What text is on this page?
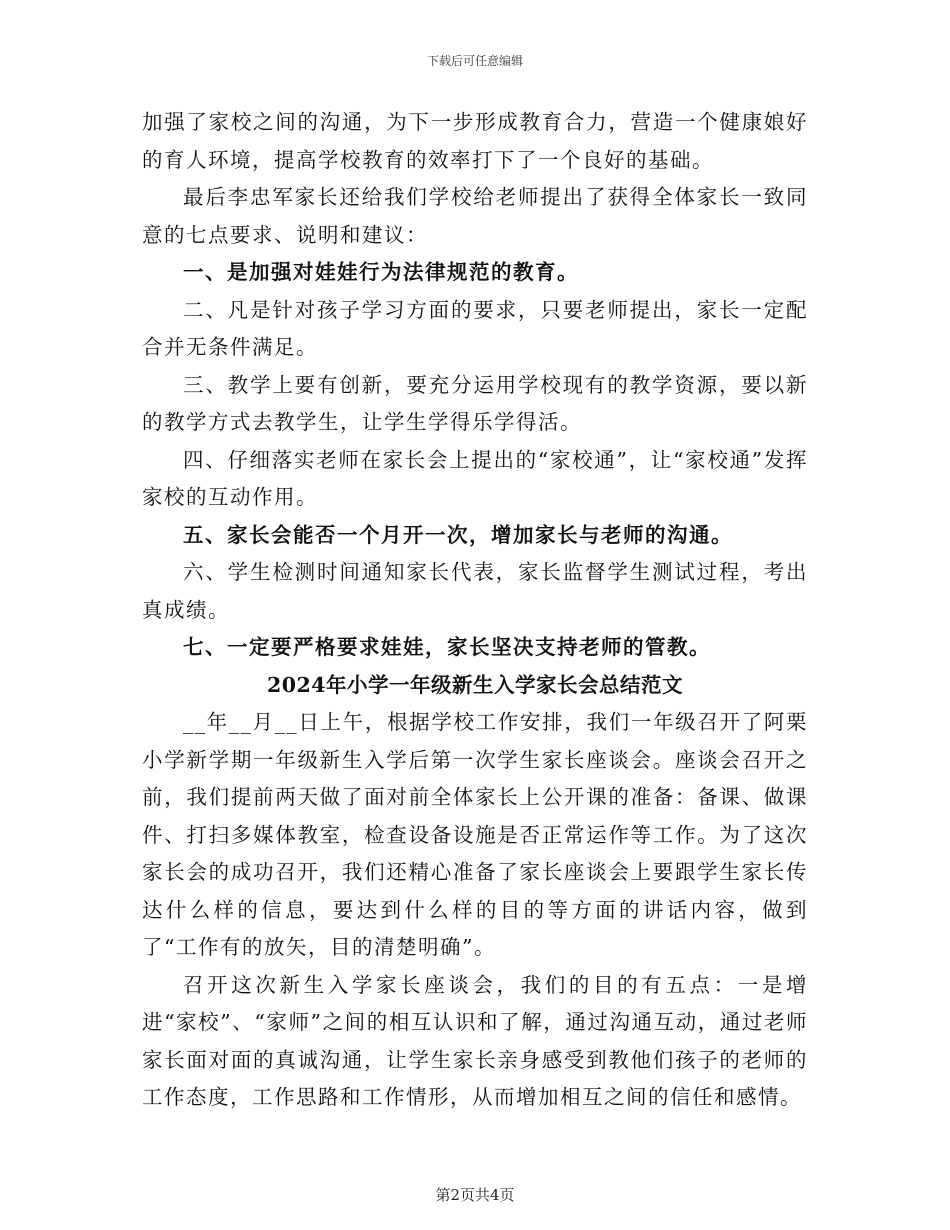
下载后可任意编辑

加强了家校之间的沟通，为下一步形成教育合力，营造一个健康娘好的育人环境，提高学校教育的效率打下了一个良好的基础。

最后李忠军家长还给我们学校给老师提出了获得全体家长一致同意的七点要求、说明和建议：

一、是加强对娃娃行为法律规范的教育。

二、凡是针对孩子学习方面的要求，只要老师提出，家长一定配合并无条件满足。

三、教学上要有创新，要充分运用学校现有的教学资源，要以新的教学方式去教学生，让学生学得乐学得活。

四、仔细落实老师在家长会上提出的“家校通”，让“家校通”发挥家校的互动作用。

五、家长会能否一个月开一次，增加家长与老师的沟通。

六、学生检测时间通知家长代表，家长监督学生测试过程，考出真成绩。

七、一定要严格要求娃娃，家长坚决支持老师的管教。

2024年小学一年级新生入学家长会总结范文

__年__月__日上午，根据学校工作安排，我们一年级召开了阿栗小学新学期一年级新生入学后第一次学生家长座谈会。座谈会召开之前，我们提前两天做了面对前全体家长上公开课的准备：备课、做课件、打扫多媒体教室，检查设备设施是否正常运作等工作。为了这次家长会的成功召开，我们还精心准备了家长座谈会上要跟学生家长传达什么样的信息，要达到什么样的目的等方面的讲话内容，做到了“工作有的放矢，目的清楚明确”。

召开这次新生入学家长座谈会，我们的目的有五点：一是增进“家校”、“家师”之间的相互认识和了解，通过沟通互动，通过老师家长面对面的真诚沟通，让学生家长亲身感受到教他们孩子的老师的工作态度，工作思路和工作情形，从而增加相互之间的信任和感情。

第2页共4页
